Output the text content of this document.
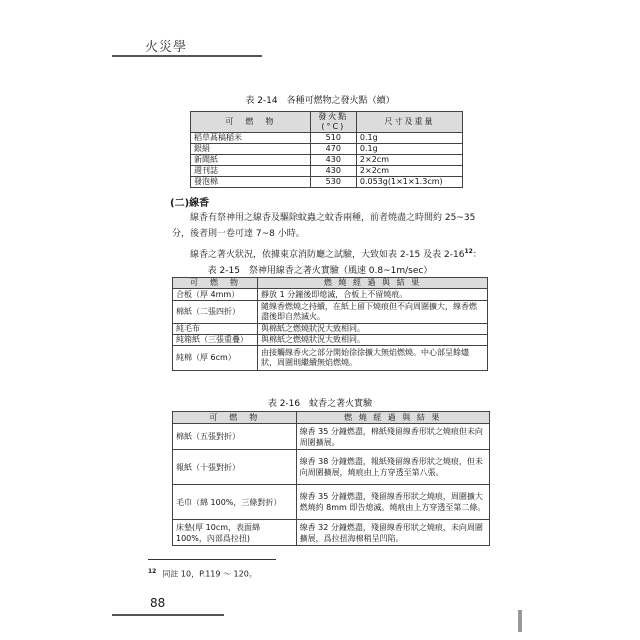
火災學
表 2-14　各種可燃物之發火點（續）
可　燃　物	發火點(°C)	尺寸及重量
稻草萵稿稲米	510	0.1g
銀絹	470	0.1g
新聞紙	430	2×2cm
週刊誌	430	2×2cm
發泡棉	530	0.053g(1×1×1.3cm)
(二)線香
線香有祭神用之線香及驅除蚊蟲之蚊香兩種，前者燒盡之時間約 25~35 分，後者則一卷可達 7~8 小時。
線香之著火狀況，依據東京消防廳之試驗，大致如表 2-15 及表 $2-16^{12}$：
表 2-15　祭神用線香之著火實驗（風速 0.8~1m/sec）
可　燃　物	燃 燒 經 過 與 結 果
合板（厚 4mm）	靜放 1 分鐘後即熄滅，合板上不留燒痕。
棉紙（二張四折）	隨線香燃燒之持續，在紙上留下燒痕但不向周圍擴大，線香燃盡後即自然滅火。
純毛布	與棉紙之燃燒狀況大致相同。
純箱紙（三張重疊）	與棉紙之燃燒狀況大致相同。
純棉（厚 6cm）	由接觸線香火之部分開始徐徐擴大無焰燃燒。中心部呈餘燼狀，周圍則繼續無焰燃燒。
表 2-16　蚊香之著火實驗
可　燃　物	燃 燒 經 過 與 結 果
棉紙（五張對折）	線香 35 分鐘燃盡，棉紙殘留線香形狀之燒痕但未向周圍擴展。
報紙（十張對折）	線香 38 分鐘燃盡，報紙殘留線香形狀之燒痕，但未向周圍擴展，燒痕由上方穿透至第八張。
毛巾（綿 100%，三條對折）	線香 35 分鐘燃盡，殘留線香形狀之燒痕，周圍擴大燃燒約 8mm 即告熄滅。燒痕由上方穿透至第二條。
床墊(厚 10cm，表面綿 100%，內部爲拉扭)	線香 32 分鐘燃盡，殘留線香形狀之燒痕，未向周圍擴展，爲拉扭海棉稍呈凹陷。
$^{12}$ 同註 10，P.119 ～ 120。
88
